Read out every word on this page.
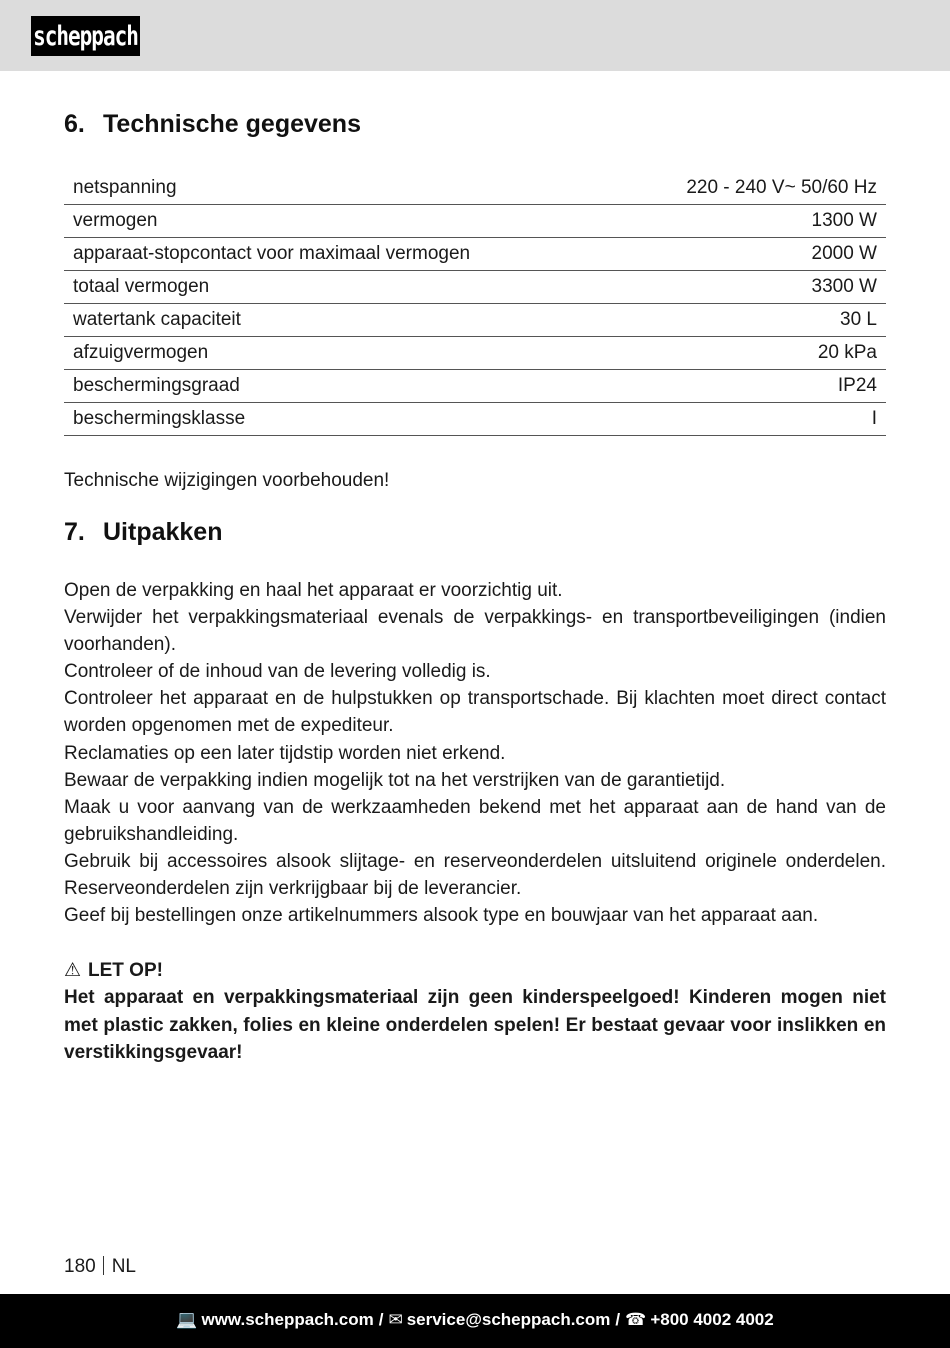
scheppach
6. Technische gegevens
netspanning	220 - 240 V~ 50/60 Hz
vermogen	1300 W
apparaat-stopcontact voor maximaal vermogen	2000 W
totaal vermogen	3300 W
watertank capaciteit	30 L
afzuigvermogen	20 kPa
beschermingsgraad	IP24
beschermingsklasse	I

Technische wijzigingen voorbehouden!

7. Uitpakken

Open de verpakking en haal het apparaat er voorzichtig uit.

Verwijder het verpakkingsmateriaal evenals de verpakkings- en transportbeveiligingen (indien voorhanden).

Controleer of de inhoud van de levering volledig is.

Controleer het apparaat en de hulpstukken op transportschade. Bij klachten moet direct contact worden opgenomen met de expediteur.

Reclamaties op een later tijdstip worden niet erkend.

Bewaar de verpakking indien mogelijk tot na het verstrijken van de garantietijd.

Maak u voor aanvang van de werkzaamheden bekend met het apparaat aan de hand van de gebruikshandleiding.

Gebruik bij accessoires alsook slijtage- en reserveonderdelen uitsluitend originele onderdelen. Reserveonderdelen zijn verkrijgbaar bij de leverancier.

Geef bij bestellingen onze artikelnummers alsook type en bouwjaar van het apparaat aan.

⚠ LET OP!

Het apparaat en verpakkingsmateriaal zijn geen kinderspeelgoed! Kinderen mogen niet met plastic zakken, folies en kleine onderdelen spelen! Er bestaat gevaar voor inslikken en verstikkingsgevaar!

180 NL
💻 www.scheppach.com / ✉ service@scheppach.com / ☎ +800 4002 4002
